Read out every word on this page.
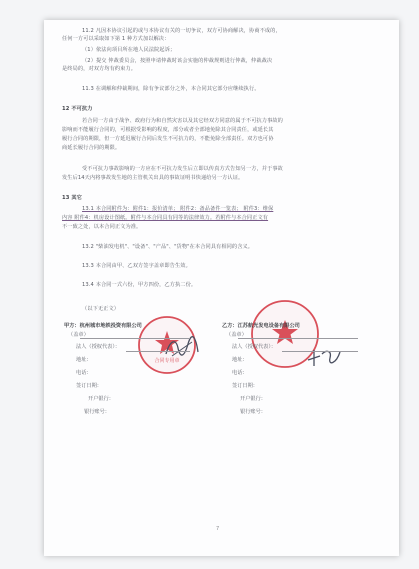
11.2 凡因本协议引起的或与本协议有关的一切争议，双方可协商解决，协商不成的，
任何一方可以采取如下第 1 种方式加以解决：
（1）依法向项目所在地人民法院起诉；
（2）提交 仲裁委员会，按照申请仲裁时该会实施的仲裁规则进行仲裁，仲裁裁决
是终局的，对双方均有约束力。
11.3 在调解和仲裁期间，除有争议部分之外，本合同其它部分应继续执行。
12 不可抗力
若合同一方由于战争、政府行为和自然灾害以及其它经双方同意的属于不可抗力事故的
影响而不能履行合同的，可根据受影响的程度，部分或者全部地免除其合同责任，或延长其
履行合同的期限，但一方延迟履行合同后发生不可抗力的，不能免除全部责任。双方也可协
商延长履行合同的期限。
受不可抗力事故影响的一方应在不可抗力发生后立即以传真方式告知另一方，并于事故
发生后14天内将事故发生地的主管机关出具的事故证明书快递给另一方认证。
13 其它
13.1 本合同附件为：附件1：报价清单； 附件2：备品备件一览表； 附件3：维保
内容 附件4：机房设计图纸。附件与本合同具有同等的法律效力。若附件与本合同正文有
不一致之处，以本合同正文为准。
13.2 "柴油发电机"、"设备"、"产品"、"货物"在本合同具有相同的含义。
13.3 本合同由甲、乙双方签字盖章即告生效。
13.4 本合同一式六份，甲方四份，乙方执二份。
（以下无正文）
合同专用章
甲方：杭州城市地铁投资有限公司
（盖章）
法人（授权代表）：
地址：
电话：
签订日期：
开户银行：
银行账号：
乙方：江苏航光发电设备有限公司
（盖章）
法人（授权代表）：
地址：
电话：
签订日期：
开户银行：
银行账号：
7
